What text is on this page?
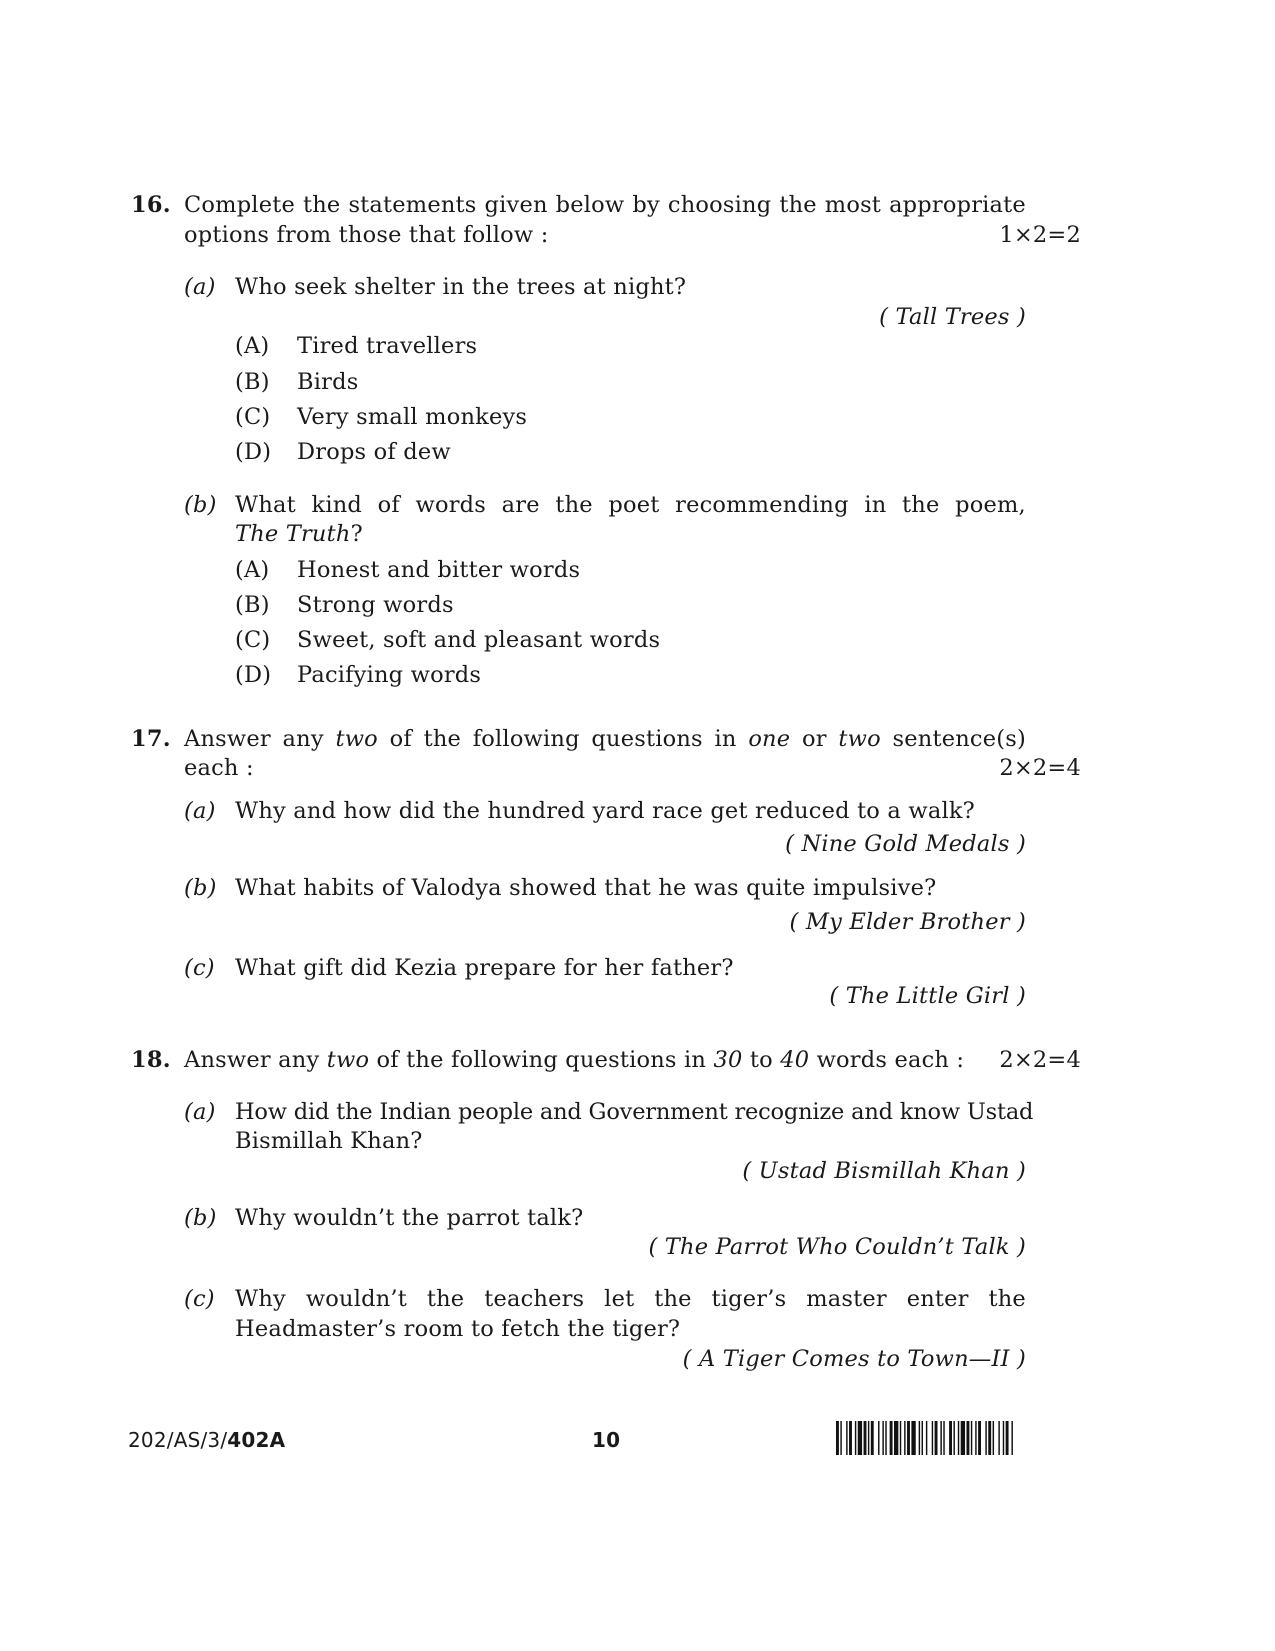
16. Complete the statements given below by choosing the most appropriate
options from those that follow :	1×2=2
(a) Who seek shelter in the trees at night?
( Tall Trees )
(A) Tired travellers
(B) Birds
(C) Very small monkeys
(D) Drops of dew
(b) What kind of words are the poet recommending in the poem,
The Truth?
(A) Honest and bitter words
(B) Strong words
(C) Sweet, soft and pleasant words
(D) Pacifying words
17. Answer any two of the following questions in one or two sentence(s)
each :	2×2=4
(a) Why and how did the hundred yard race get reduced to a walk?
( Nine Gold Medals )
(b) What habits of Valodya showed that he was quite impulsive?
( My Elder Brother )
(c) What gift did Kezia prepare for her father?
( The Little Girl )
18. Answer any two of the following questions in 30 to 40 words each : 2×2=4
(a) How did the Indian people and Government recognize and know Ustad
Bismillah Khan?
( Ustad Bismillah Khan )
(b) Why wouldn’t the parrot talk?
( The Parrot Who Couldn’t Talk )
(c) Why wouldn’t the teachers let the tiger’s master enter the
Headmaster’s room to fetch the tiger?
( A Tiger Comes to Town—II )
202/AS/3/402A	10
